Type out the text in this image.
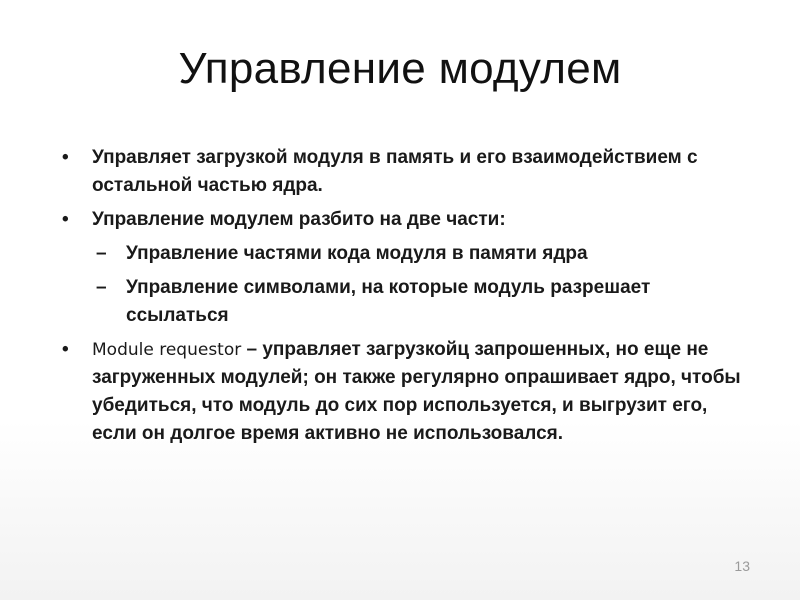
Управление модулем
•	Управляет загрузкой модуля в память и его взаимодействием с остальной частью ядра.
•	Управление модулем разбито на две части:
–	Управление частями кода модуля в памяти ядра
–	Управление символами, на которые модуль разрешает ссылаться
•	Module requestor – управляет загрузкойц запрошенных, но еще не загруженных модулей; он также регулярно опрашивает ядро, чтобы убедиться, что модуль до сих пор используется, и выгрузит его, если он долгое время активно не использовался.
13
